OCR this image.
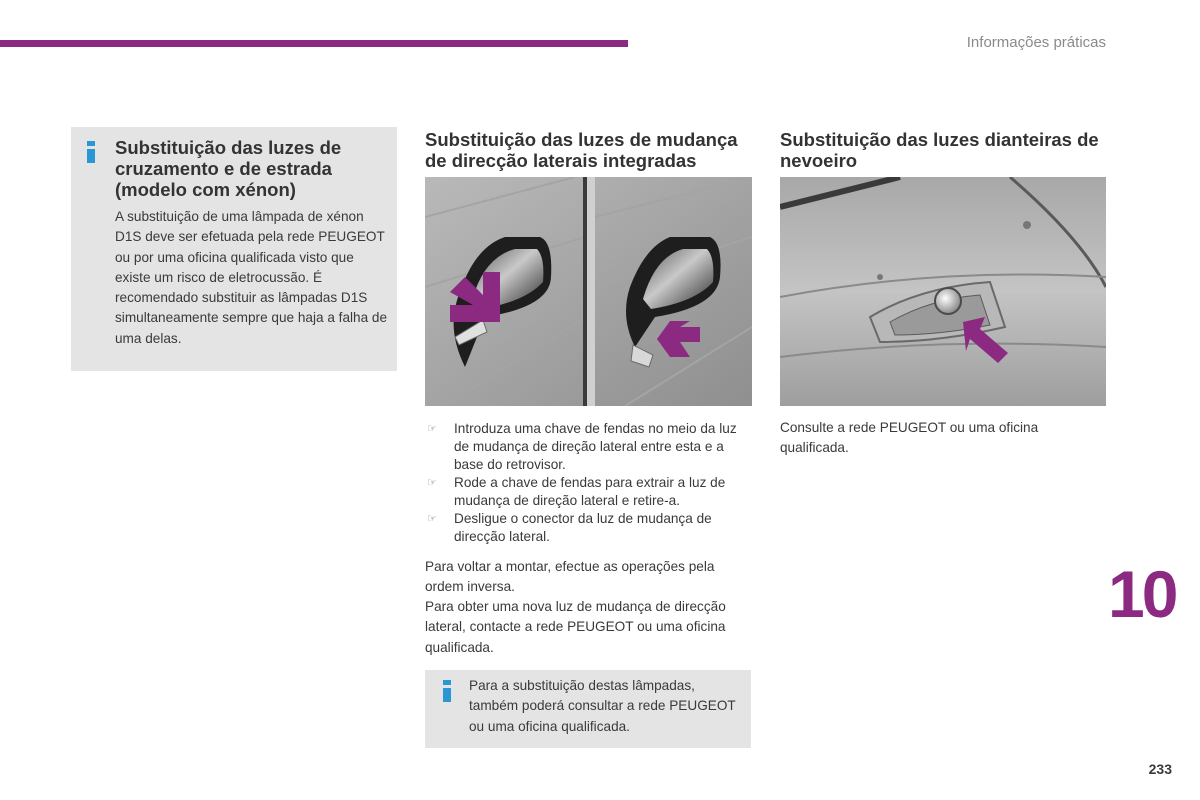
Informações práticas
Substituição das luzes de cruzamento e de estrada (modelo com xénon)

A substituição de uma lâmpada de xénon D1S deve ser efetuada pela rede PEUGEOT ou por uma oficina qualificada visto que existe um risco de eletrocussão. É recomendado substituir as lâmpadas D1S simultaneamente sempre que haja a falha de uma delas.

Substituição das luzes de mudança de direcção laterais integradas
☞ Introduza uma chave de fendas no meio da luz de mudança de direção lateral entre esta e a base do retrovisor.
☞ Rode a chave de fendas para extrair a luz de mudança de direção lateral e retire-a.
☞ Desligue o conector da luz de mudança de direcção lateral.

Para voltar a montar, efectue as operações pela ordem inversa.

Para obter uma nova luz de mudança de direcção lateral, contacte a rede PEUGEOT ou uma oficina qualificada.

Para a substituição destas lâmpadas, também poderá consultar a rede PEUGEOT ou uma oficina qualificada.

Substituição das luzes dianteiras de nevoeiro

Consulte a rede PEUGEOT ou uma oficina qualificada.

10
233
